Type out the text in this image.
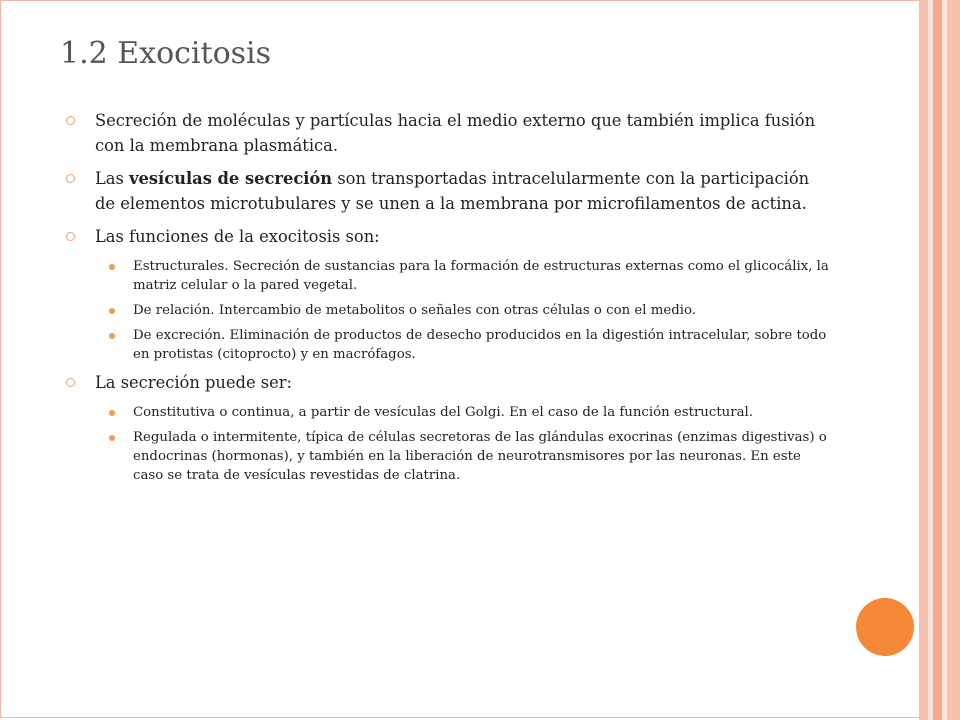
1.2 Exocitosis
Secreción de moléculas y partículas hacia el medio externo que también implica fusión con la membrana plasmática.
Las vesículas de secreción son transportadas intracelularmente con la participación de elementos microtubulares y se unen a la membrana por microfilamentos de actina.
Las funciones de la exocitosis son:
Estructurales. Secreción de sustancias para la formación de estructuras externas como el glicocálix, la matriz celular o la pared vegetal.
De relación. Intercambio de metabolitos o señales con otras células o con el medio.
De excreción. Eliminación de productos de desecho producidos en la digestión intracelular, sobre todo en protistas (citoprocto) y en macrófagos.
La secreción puede ser:
Constitutiva o continua, a partir de vesículas del Golgi. En el caso de la función estructural.
Regulada o intermitente, típica de células secretoras de las glándulas exocrinas (enzimas digestivas) o endocrinas (hormonas), y también en la liberación de neurotransmisores por las neuronas. En este caso se trata de vesículas revestidas de clatrina.
